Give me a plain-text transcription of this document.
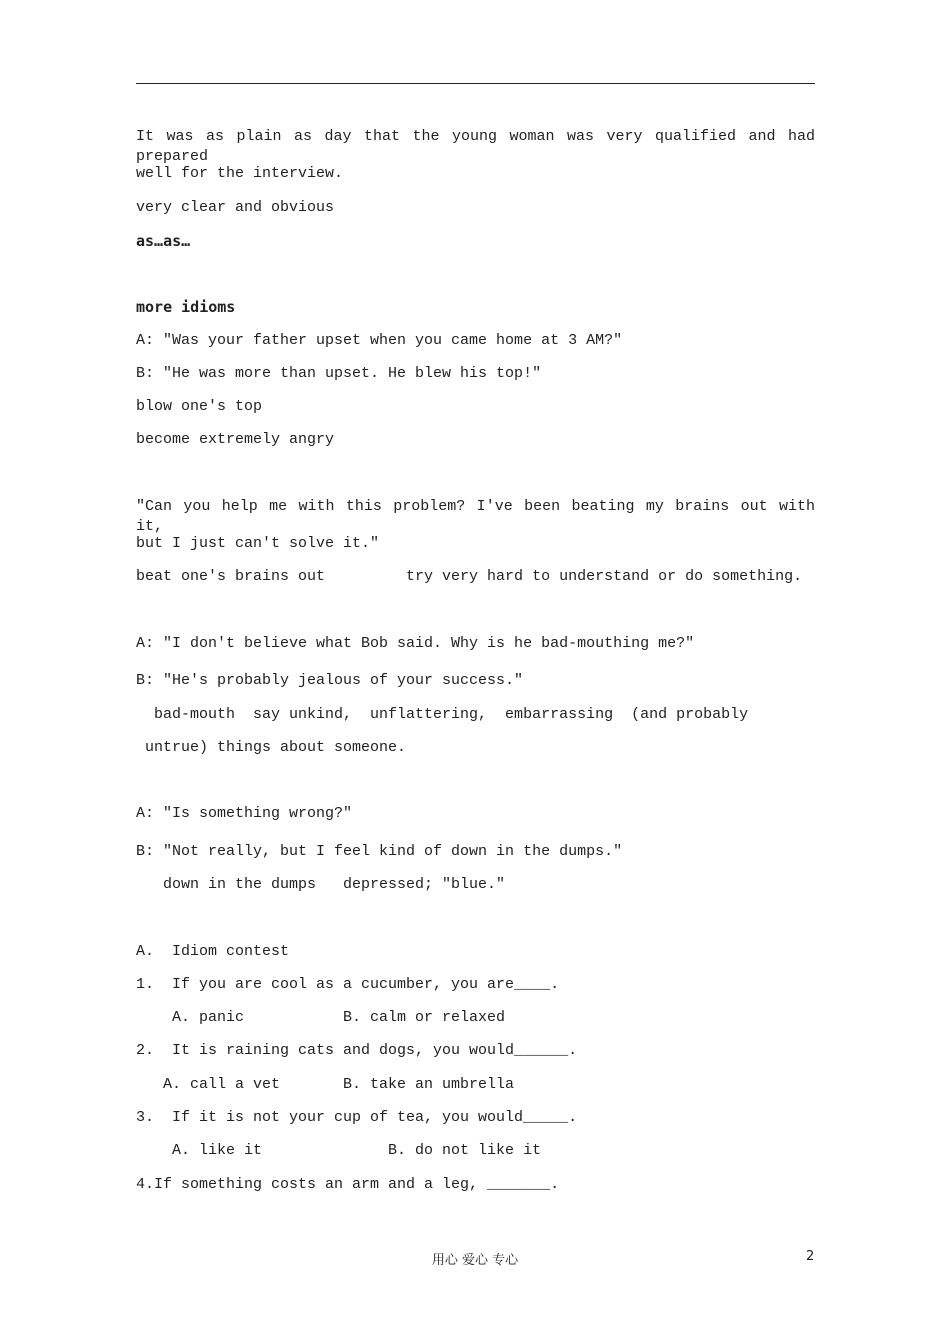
It was as plain as day that the young woman was very qualified and had prepared
well for the interview.
very clear and obvious
as…as…
more idioms
A: "Was your father upset when you came home at 3 AM?"
B: "He was more than upset. He blew his top!"
blow one's top
become extremely angry
"Can you help me with this problem? I've been beating my brains out with it,
but I just can't solve it."
beat one's brains out         try very hard to understand or do something.
A: "I don't believe what Bob said. Why is he bad-mouthing me?"
B: "He's probably jealous of your success."
bad-mouth  say unkind,  unflattering,  embarrassing  (and probably
untrue) things about someone.
A: "Is something wrong?"
B: "Not really, but I feel kind of down in the dumps."
down in the dumps   depressed; "blue."
A.  Idiom contest
1.  If you are cool as a cucumber, you are____.
A. panic           B. calm or relaxed
2.  It is raining cats and dogs, you would______.
A. call a vet       B. take an umbrella
3.  If it is not your cup of tea, you would_____.
A. like it              B. do not like it
4.If something costs an arm and a leg, _______.
用心 爱心 专心	2
